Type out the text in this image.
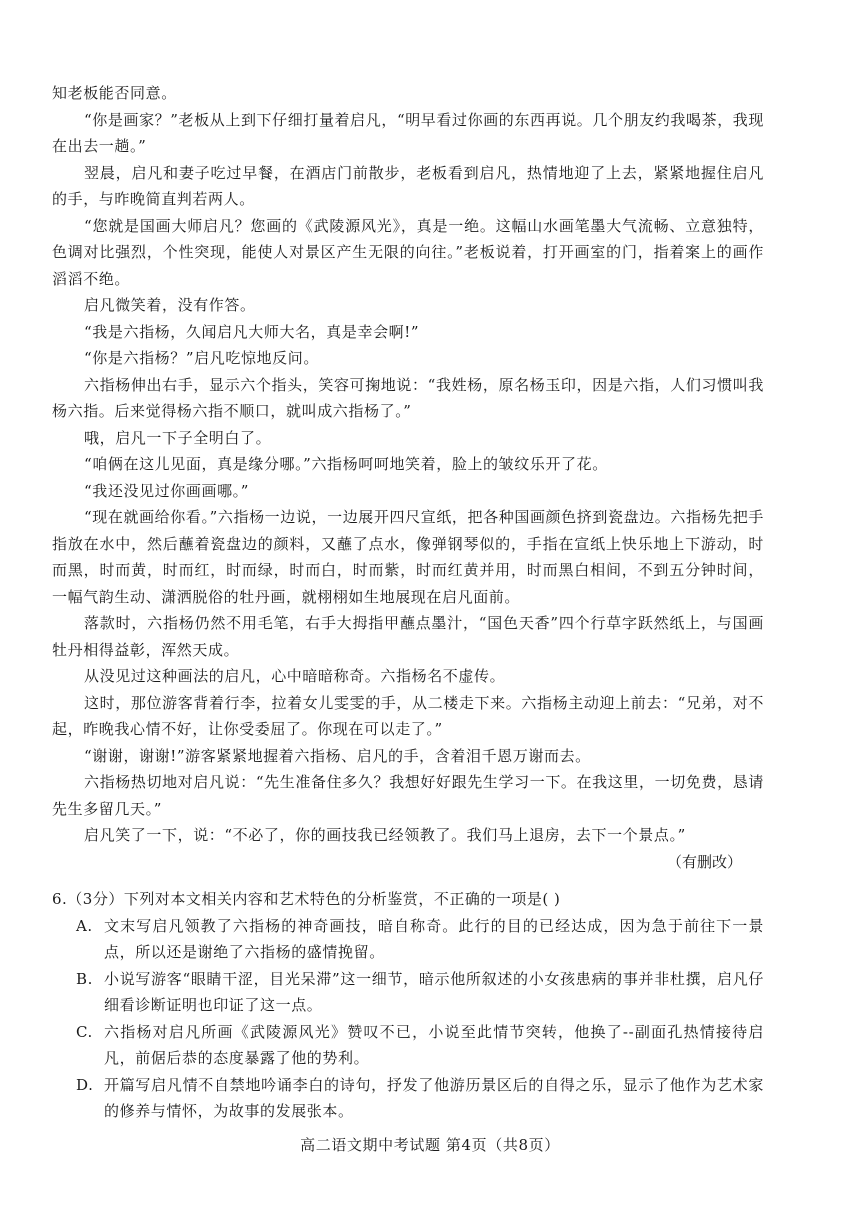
知老板能否同意。

“你是画家？”老板从上到下仔细打量着启凡，“明早看过你画的东西再说。几个朋友约我喝茶，我现在出去一趟。”

翌晨，启凡和妻子吃过早餐，在酒店门前散步，老板看到启凡，热情地迎了上去，紧紧地握住启凡的手，与昨晚简直判若两人。

“您就是国画大师启凡？您画的《武陵源风光》，真是一绝。这幅山水画笔墨大气流畅、立意独特，色调对比强烈，个性突现，能使人对景区产生无限的向往。”老板说着，打开画室的门，指着案上的画作滔滔不绝。

启凡微笑着，没有作答。

“我是六指杨，久闻启凡大师大名，真是幸会啊!”

“你是六指杨？”启凡吃惊地反问。

六指杨伸出右手，显示六个指头，笑容可掬地说：“我姓杨，原名杨玉印，因是六指，人们习惯叫我杨六指。后来觉得杨六指不顺口，就叫成六指杨了。”

哦，启凡一下子全明白了。

“咱俩在这儿见面，真是缘分哪。”六指杨呵呵地笑着，脸上的皱纹乐开了花。

“我还没见过你画画哪。”

“现在就画给你看。”六指杨一边说，一边展开四尺宣纸，把各种国画颜色挤到瓷盘边。六指杨先把手指放在水中，然后蘸着瓷盘边的颜料，又蘸了点水，像弹钢琴似的，手指在宣纸上快乐地上下游动，时而黑，时而黄，时而红，时而绿，时而白，时而紫，时而红黄并用，时而黑白相间，不到五分钟时间，一幅气韵生动、潇洒脱俗的牡丹画，就栩栩如生地展现在启凡面前。

落款时，六指杨仍然不用毛笔，右手大拇指甲蘸点墨汁，“国色天香”四个行草字跃然纸上，与国画牡丹相得益彰，浑然天成。

从没见过这种画法的启凡，心中暗暗称奇。六指杨名不虚传。

这时，那位游客背着行李，拉着女儿雯雯的手，从二楼走下来。六指杨主动迎上前去：“兄弟，对不起，昨晚我心情不好，让你受委屈了。你现在可以走了。”

“谢谢，谢谢!”游客紧紧地握着六指杨、启凡的手，含着泪千恩万谢而去。

六指杨热切地对启凡说：“先生准备住多久？我想好好跟先生学习一下。在我这里，一切免费，恳请先生多留几天。”

启凡笑了一下，说：“不必了，你的画技我已经领教了。我们马上退房，去下一个景点。”

（有删改）

6.（3分）下列对本文相关内容和艺术特色的分析鉴赏，不正确的一项是( )

A. 文末写启凡领教了六指杨的神奇画技，暗自称奇。此行的目的已经达成，因为急于前往下一景点，所以还是谢绝了六指杨的盛情挽留。
B. 小说写游客“眼睛干涩，目光呆滞”这一细节，暗示他所叙述的小女孩患病的事并非杜撰，启凡仔细看诊断证明也印证了这一点。
C. 六指杨对启凡所画《武陵源风光》赞叹不已，小说至此情节突转，他换了--副面孔热情接待启凡，前倨后恭的态度暴露了他的势利。
D. 开篇写启凡情不自禁地吟诵李白的诗句，抒发了他游历景区后的自得之乐，显示了他作为艺术家的修养与情怀，为故事的发展张本。
高二语文期中考试题 第4页（共8页）
